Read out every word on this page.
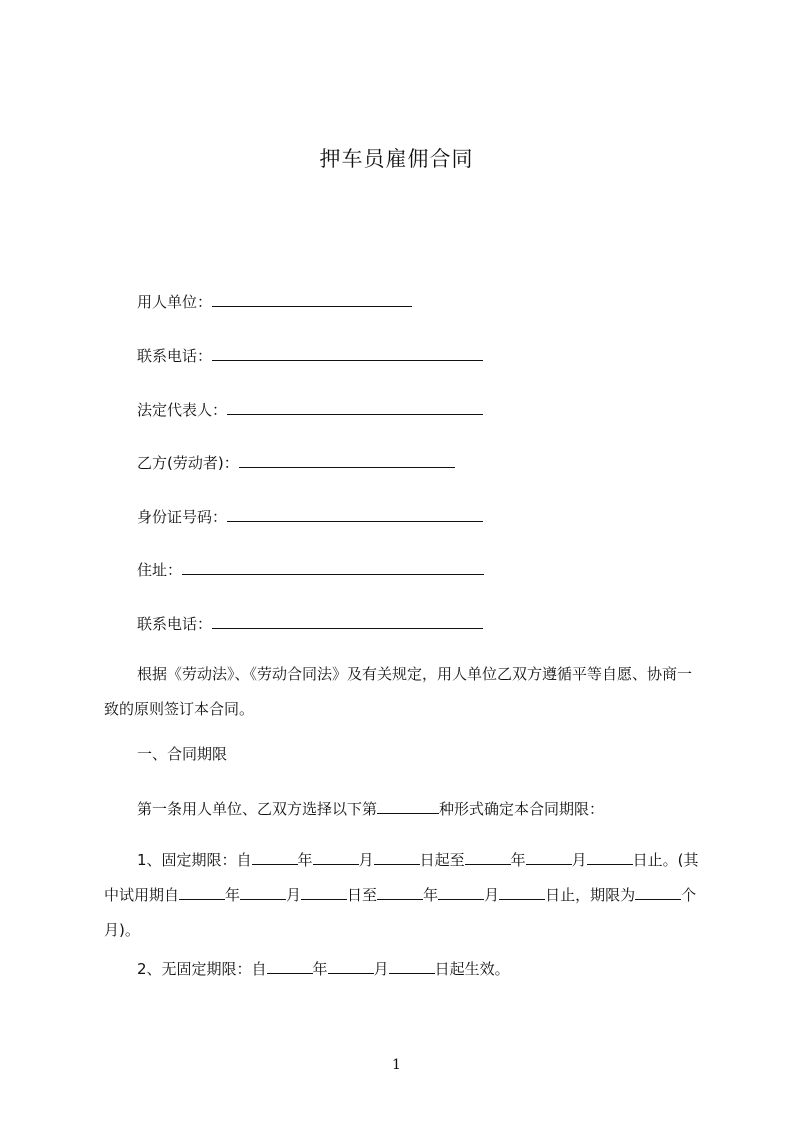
押车员雇佣合同
用人单位：
联系电话：
法定代表人：
乙方(劳动者)：
身份证号码：
住址：
联系电话：
根据《劳动法》、《劳动合同法》及有关规定，用人单位乙双方遵循平等自愿、协商一致的原则签订本合同。
一、合同期限
第一条用人单位、乙双方选择以下第	种形式确定本合同期限：
1、固定期限：自	年	月	日起至	年	月	日止。(其中试用期自	年	月	日至	年	月	日止，期限为	个月)。
2、无固定期限：自	年	月	日起生效。
1
